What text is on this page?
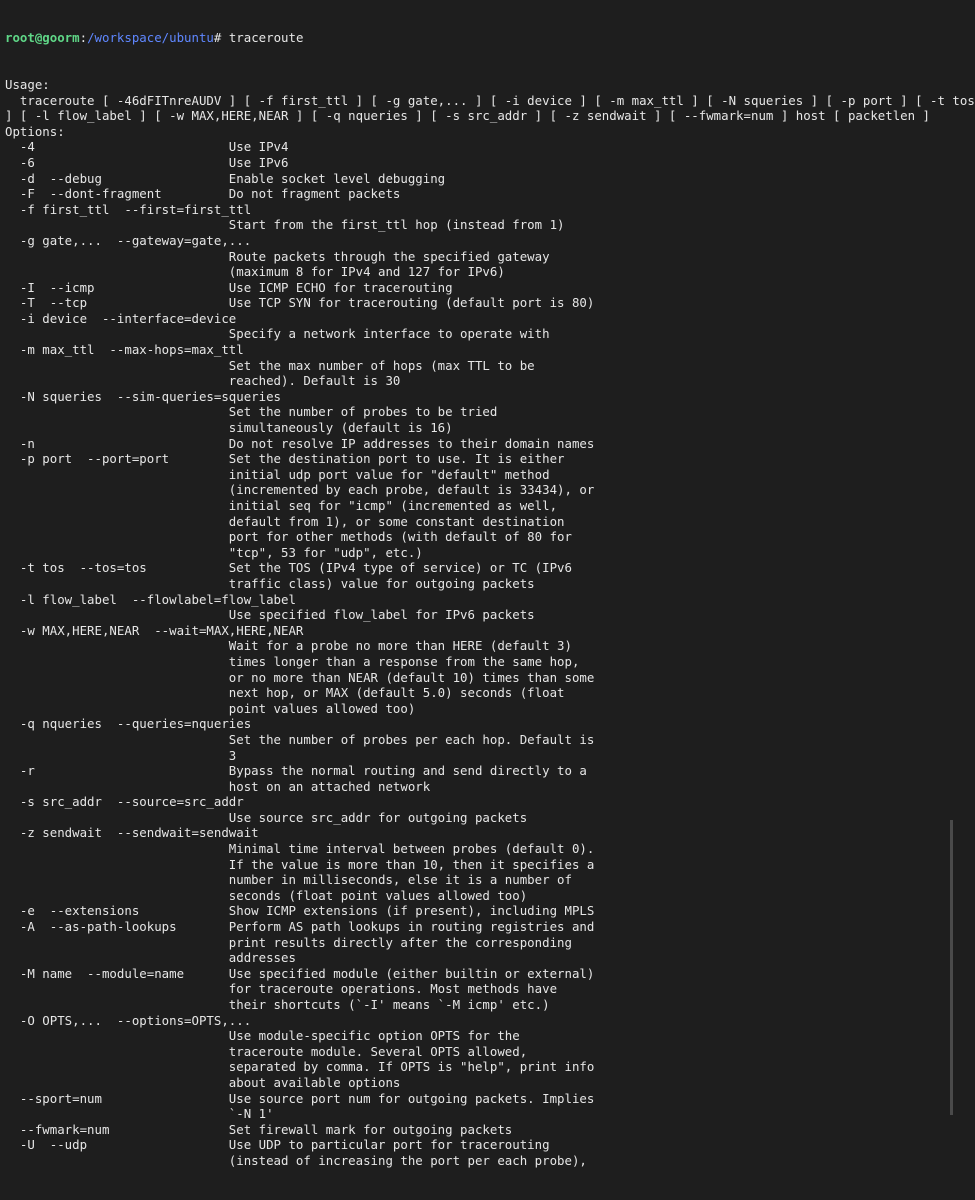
root@goorm:/workspace/ubuntu# traceroute

Usage:
traceroute [ -46dFITnreAUDV ] [ -f first_ttl ] [ -g gate,... ] [ -i device ] [ -m max_ttl ] [ -N squeries ] [ -p port ] [ -t tos
] [ -l flow_label ] [ -w MAX,HERE,NEAR ] [ -q nqueries ] [ -s src_addr ] [ -z sendwait ] [ --fwmark=num ] host [ packetlen ]
Options:
-4                          Use IPv4
-6                          Use IPv6
-d  --debug                 Enable socket level debugging
-F  --dont-fragment         Do not fragment packets
-f first_ttl  --first=first_ttl
Start from the first_ttl hop (instead from 1)
-g gate,...  --gateway=gate,...
Route packets through the specified gateway
(maximum 8 for IPv4 and 127 for IPv6)
-I  --icmp                  Use ICMP ECHO for tracerouting
-T  --tcp                   Use TCP SYN for tracerouting (default port is 80)
-i device  --interface=device
Specify a network interface to operate with
-m max_ttl  --max-hops=max_ttl
Set the max number of hops (max TTL to be
reached). Default is 30
-N squeries  --sim-queries=squeries
Set the number of probes to be tried
simultaneously (default is 16)
-n                          Do not resolve IP addresses to their domain names
-p port  --port=port        Set the destination port to use. It is either
initial udp port value for "default" method
(incremented by each probe, default is 33434), or
initial seq for "icmp" (incremented as well,
default from 1), or some constant destination
port for other methods (with default of 80 for
"tcp", 53 for "udp", etc.)
-t tos  --tos=tos           Set the TOS (IPv4 type of service) or TC (IPv6
traffic class) value for outgoing packets
-l flow_label  --flowlabel=flow_label
Use specified flow_label for IPv6 packets
-w MAX,HERE,NEAR  --wait=MAX,HERE,NEAR
Wait for a probe no more than HERE (default 3)
times longer than a response from the same hop,
or no more than NEAR (default 10) times than some
next hop, or MAX (default 5.0) seconds (float
point values allowed too)
-q nqueries  --queries=nqueries
Set the number of probes per each hop. Default is
3
-r                          Bypass the normal routing and send directly to a
host on an attached network
-s src_addr  --source=src_addr
Use source src_addr for outgoing packets
-z sendwait  --sendwait=sendwait
Minimal time interval between probes (default 0).
If the value is more than 10, then it specifies a
number in milliseconds, else it is a number of
seconds (float point values allowed too)
-e  --extensions            Show ICMP extensions (if present), including MPLS
-A  --as-path-lookups       Perform AS path lookups in routing registries and
print results directly after the corresponding
addresses
-M name  --module=name      Use specified module (either builtin or external)
for traceroute operations. Most methods have
their shortcuts (`-I' means `-M icmp' etc.)
-O OPTS,...  --options=OPTS,...
Use module-specific option OPTS for the
traceroute module. Several OPTS allowed,
separated by comma. If OPTS is "help", print info
about available options
--sport=num                 Use source port num for outgoing packets. Implies
`-N 1'
--fwmark=num                Set firewall mark for outgoing packets
-U  --udp                   Use UDP to particular port for tracerouting
(instead of increasing the port per each probe),
